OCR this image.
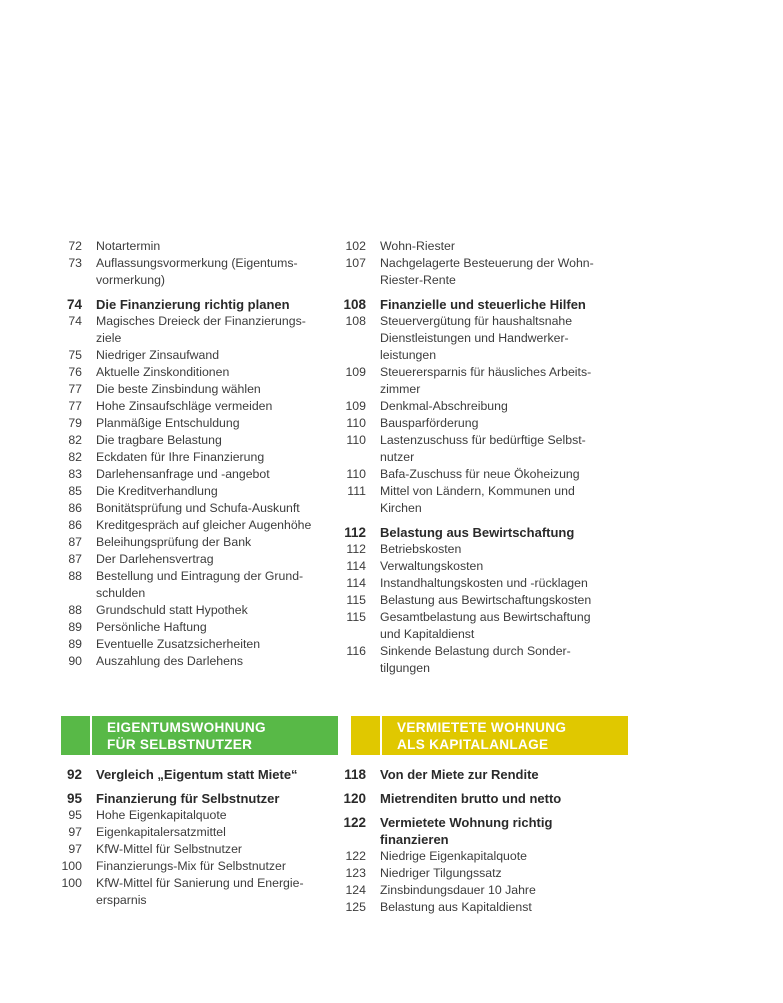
72 Notartermin
73 Auflassungsvormerkung (Eigentums-
vormerkung)
74 Die Finanzierung richtig planen
74 Magisches Dreieck der Finanzierungs-
ziele
75 Niedriger Zinsaufwand
76 Aktuelle Zinskonditionen
77 Die beste Zinsbindung wählen
77 Hohe Zinsaufschläge vermeiden
79 Planmäßige Entschuldung
82 Die tragbare Belastung
82 Eckdaten für Ihre Finanzierung
83 Darlehensanfrage und -angebot
85 Die Kreditverhandlung
86 Bonitätsprüfung und Schufa-Auskunft
86 Kreditgespräch auf gleicher Augenhöhe
87 Beleihungsprüfung der Bank
87 Der Darlehensvertrag
88 Bestellung und Eintragung der Grund-
schulden
88 Grundschuld statt Hypothek
89 Persönliche Haftung
89 Eventuelle Zusatzsicherheiten
90 Auszahlung des Darlehens
102 Wohn-Riester
107 Nachgelagerte Besteuerung der Wohn-
Riester-Rente
108 Finanzielle und steuerliche Hilfen
108 Steuervergütung für haushaltsnahe
Dienstleistungen und Handwerker-
leistungen
109 Steuerersparnis für häusliches Arbeits-
zimmer
109 Denkmal-Abschreibung
110 Bausparförderung
110 Lastenzuschuss für bedürftige Selbst-
nutzer
110 Bafa-Zuschuss für neue Ökoheizung
111 Mittel von Ländern, Kommunen und
Kirchen
112 Belastung aus Bewirtschaftung
112 Betriebskosten
114 Verwaltungskosten
114 Instandhaltungskosten und -rücklagen
115 Belastung aus Bewirtschaftungskosten
115 Gesamtbelastung aus Bewirtschaftung
und Kapitaldienst
116 Sinkende Belastung durch Sonder-
tilgungen
EIGENTUMSWOHNUNG
FÜR SELBSTNUTZER
VERMIETETE WOHNUNG
ALS KAPITALANLAGE
92 Vergleich „Eigentum statt Miete“
95 Finanzierung für Selbstnutzer
95 Hohe Eigenkapitalquote
97 Eigenkapitalersatzmittel
97 KfW-Mittel für Selbstnutzer
100 Finanzierungs-Mix für Selbstnutzer
100 KfW-Mittel für Sanierung und Energie-
ersparnis
118 Von der Miete zur Rendite
120 Mietrenditen brutto und netto
122 Vermietete Wohnung richtig
finanzieren
122 Niedrige Eigenkapitalquote
123 Niedriger Tilgungssatz
124 Zinsbindungsdauer 10 Jahre
125 Belastung aus Kapitaldienst
